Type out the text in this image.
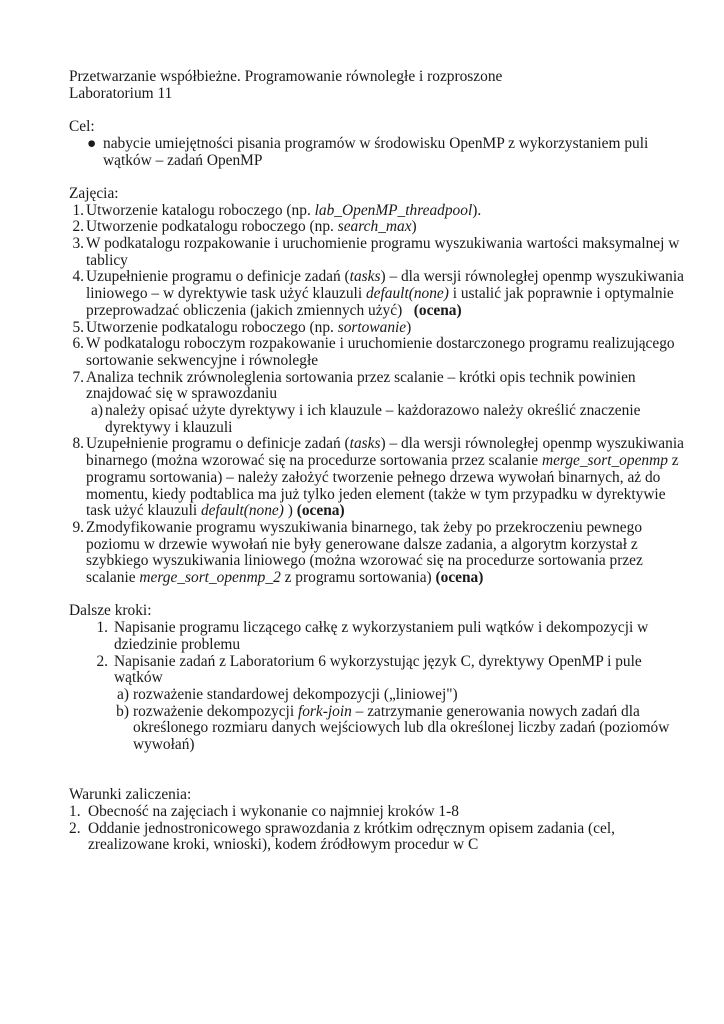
Przetwarzanie współbieżne. Programowanie równoległe i rozproszone
Laboratorium 11
Cel:
● nabycie umiejętności pisania programów w środowisku OpenMP z wykorzystaniem puli
wątków – zadań OpenMP
Zajęcia:
1. Utworzenie katalogu roboczego (np. lab_OpenMP_threadpool).
2. Utworzenie podkatalogu roboczego (np. search_max)
3. W podkatalogu rozpakowanie i uruchomienie programu wyszukiwania wartości maksymalnej w
tablicy
4. Uzupełnienie programu o definicje zadań (tasks) – dla wersji równoległej openmp wyszukiwania
liniowego – w dyrektywie task użyć klauzuli default(none) i ustalić jak poprawnie i optymalnie
przeprowadzać obliczenia (jakich zmiennych użyć)   (ocena)
5. Utworzenie podkatalogu roboczego (np. sortowanie)
6. W podkatalogu roboczym rozpakowanie i uruchomienie dostarczonego programu realizującego
sortowanie sekwencyjne i równoległe
7. Analiza technik zrównoleglenia sortowania przez scalanie – krótki opis technik powinien
znajdować się w sprawozdaniu
a) należy opisać użyte dyrektywy i ich klauzule – każdorazowo należy określić znaczenie
dyrektywy i klauzuli
8. Uzupełnienie programu o definicje zadań (tasks) – dla wersji równoległej openmp wyszukiwania
binarnego (można wzorować się na procedurze sortowania przez scalanie merge_sort_openmp z
programu sortowania) – należy założyć tworzenie pełnego drzewa wywołań binarnych, aż do
momentu, kiedy podtablica ma już tylko jeden element (także w tym przypadku w dyrektywie
task użyć klauzuli default(none) ) (ocena)
9. Zmodyfikowanie programu wyszukiwania binarnego, tak żeby po przekroczeniu pewnego
poziomu w drzewie wywołań nie były generowane dalsze zadania, a algorytm korzystał z
szybkiego wyszukiwania liniowego (można wzorować się na procedurze sortowania przez
scalanie merge_sort_openmp_2 z programu sortowania) (ocena)
Dalsze kroki:
1. Napisanie programu liczącego całkę z wykorzystaniem puli wątków i dekompozycji w
dziedzinie problemu
2. Napisanie zadań z Laboratorium 6 wykorzystując język C, dyrektywy OpenMP i pule
wątków
a) rozważenie standardowej dekompozycji („liniowej")
b) rozważenie dekompozycji fork-join – zatrzymanie generowania nowych zadań dla
określonego rozmiaru danych wejściowych lub dla określonej liczby zadań (poziomów
wywołań)
Warunki zaliczenia:
1. Obecność na zajęciach i wykonanie co najmniej kroków 1-8
2. Oddanie jednostronicowego sprawozdania z krótkim odręcznym opisem zadania (cel,
zrealizowane kroki, wnioski), kodem źródłowym procedur w C
